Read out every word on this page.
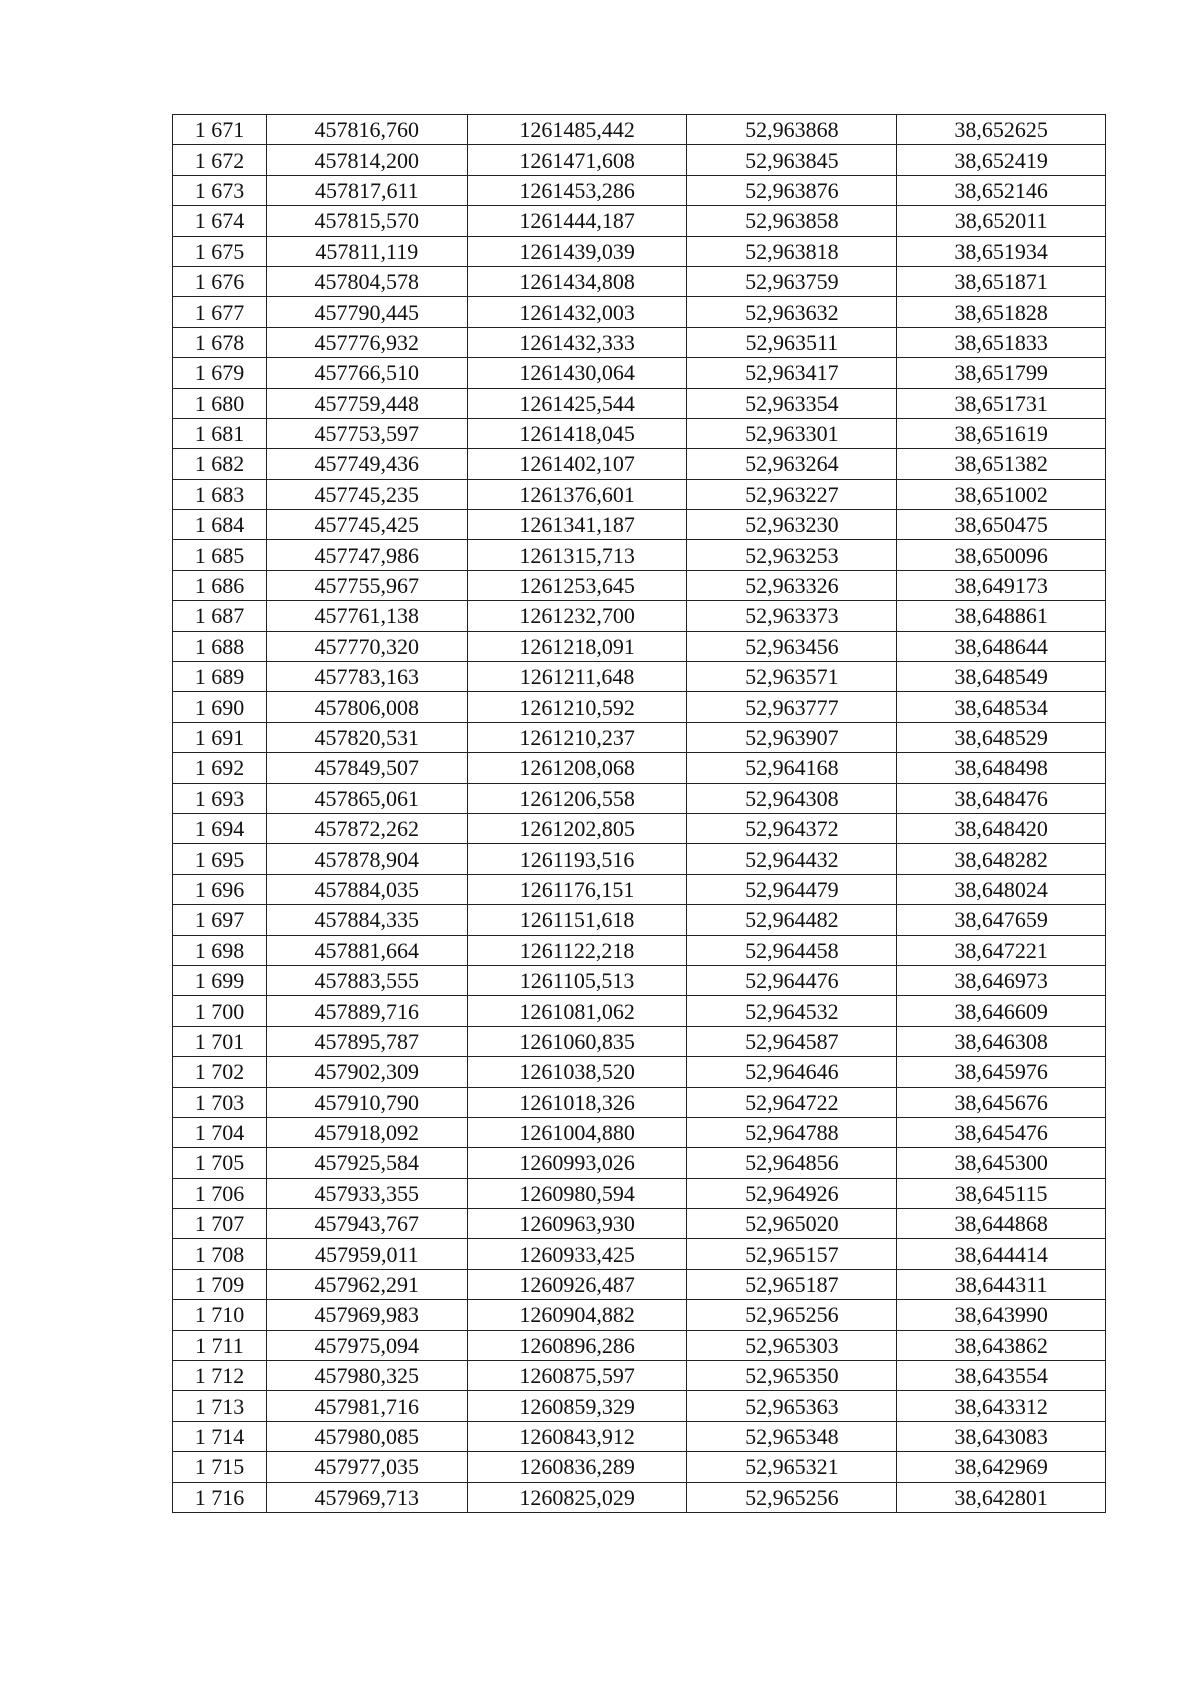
1 671	457816,760	1261485,442	52,963868	38,652625
1 672	457814,200	1261471,608	52,963845	38,652419
1 673	457817,611	1261453,286	52,963876	38,652146
1 674	457815,570	1261444,187	52,963858	38,652011
1 675	457811,119	1261439,039	52,963818	38,651934
1 676	457804,578	1261434,808	52,963759	38,651871
1 677	457790,445	1261432,003	52,963632	38,651828
1 678	457776,932	1261432,333	52,963511	38,651833
1 679	457766,510	1261430,064	52,963417	38,651799
1 680	457759,448	1261425,544	52,963354	38,651731
1 681	457753,597	1261418,045	52,963301	38,651619
1 682	457749,436	1261402,107	52,963264	38,651382
1 683	457745,235	1261376,601	52,963227	38,651002
1 684	457745,425	1261341,187	52,963230	38,650475
1 685	457747,986	1261315,713	52,963253	38,650096
1 686	457755,967	1261253,645	52,963326	38,649173
1 687	457761,138	1261232,700	52,963373	38,648861
1 688	457770,320	1261218,091	52,963456	38,648644
1 689	457783,163	1261211,648	52,963571	38,648549
1 690	457806,008	1261210,592	52,963777	38,648534
1 691	457820,531	1261210,237	52,963907	38,648529
1 692	457849,507	1261208,068	52,964168	38,648498
1 693	457865,061	1261206,558	52,964308	38,648476
1 694	457872,262	1261202,805	52,964372	38,648420
1 695	457878,904	1261193,516	52,964432	38,648282
1 696	457884,035	1261176,151	52,964479	38,648024
1 697	457884,335	1261151,618	52,964482	38,647659
1 698	457881,664	1261122,218	52,964458	38,647221
1 699	457883,555	1261105,513	52,964476	38,646973
1 700	457889,716	1261081,062	52,964532	38,646609
1 701	457895,787	1261060,835	52,964587	38,646308
1 702	457902,309	1261038,520	52,964646	38,645976
1 703	457910,790	1261018,326	52,964722	38,645676
1 704	457918,092	1261004,880	52,964788	38,645476
1 705	457925,584	1260993,026	52,964856	38,645300
1 706	457933,355	1260980,594	52,964926	38,645115
1 707	457943,767	1260963,930	52,965020	38,644868
1 708	457959,011	1260933,425	52,965157	38,644414
1 709	457962,291	1260926,487	52,965187	38,644311
1 710	457969,983	1260904,882	52,965256	38,643990
1 711	457975,094	1260896,286	52,965303	38,643862
1 712	457980,325	1260875,597	52,965350	38,643554
1 713	457981,716	1260859,329	52,965363	38,643312
1 714	457980,085	1260843,912	52,965348	38,643083
1 715	457977,035	1260836,289	52,965321	38,642969
1 716	457969,713	1260825,029	52,965256	38,642801
